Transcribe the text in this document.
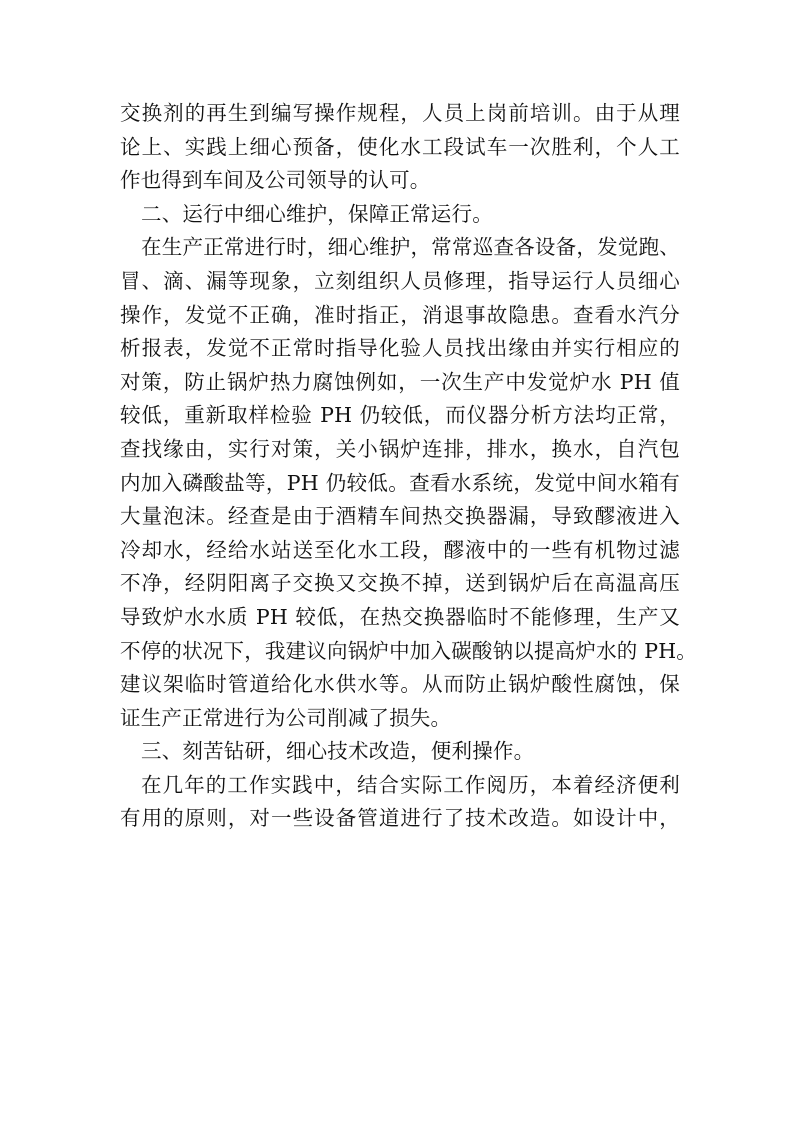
交换剂的再生到编写操作规程，人员上岗前培训。由于从理
论上、实践上细心预备，使化水工段试车一次胜利，个人工
作也得到车间及公司领导的认可。
二、运行中细心维护，保障正常运行。
在生产正常进行时，细心维护，常常巡查各设备，发觉跑、
冒、滴、漏等现象，立刻组织人员修理，指导运行人员细心
操作，发觉不正确，准时指正，消退事故隐患。查看水汽分
析报表，发觉不正常时指导化验人员找出缘由并实行相应的
对策，防止锅炉热力腐蚀例如，一次生产中发觉炉水 PH 值
较低，重新取样检验 PH 仍较低，而仪器分析方法均正常，
查找缘由，实行对策，关小锅炉连排，排水，换水，自汽包
内加入磷酸盐等，PH 仍较低。查看水系统，发觉中间水箱有
大量泡沫。经查是由于酒精车间热交换器漏，导致醪液进入
冷却水，经给水站送至化水工段，醪液中的一些有机物过滤
不净，经阴阳离子交换又交换不掉，送到锅炉后在高温高压
导致炉水水质 PH 较低，在热交换器临时不能修理，生产又
不停的状况下，我建议向锅炉中加入碳酸钠以提高炉水的 PH。
建议架临时管道给化水供水等。从而防止锅炉酸性腐蚀，保
证生产正常进行为公司削减了损失。
三、刻苦钻研，细心技术改造，便利操作。
在几年的工作实践中，结合实际工作阅历，本着经济便利
有用的原则，对一些设备管道进行了技术改造。如设计中，
